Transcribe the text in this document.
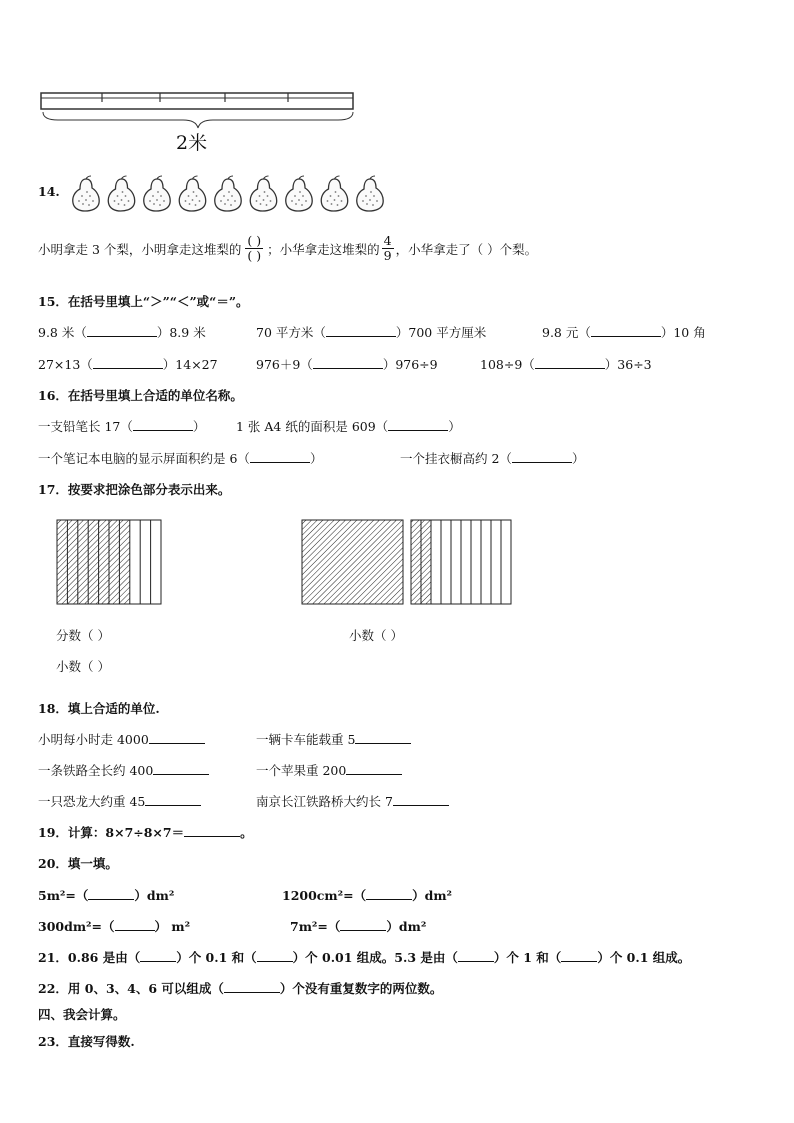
2米
14.
小明拿走 3 个梨，小明拿走这堆梨的 $\frac{( )}{( )}$ ；小华拿走这堆梨的 $\frac{4}{9}$ ，小华拿走了（ ）个梨。
15．在括号里填上“＞”“＜”或“＝”。
9.8 米（	）8.9 米	70 平方米（	）700 平方厘米	9.8 元（	）10 角
27×13（	）14×27	976＋9（	）976÷9	108÷9（	）36÷3
16．在括号里填上合适的单位名称。
一支铅笔长 17（	） 1 张 A4 纸的面积是 609（	）
一个笔记本电脑的显示屏面积约是 6（	）	一个挂衣橱高约 2（	）
17．按要求把涂色部分表示出来。
分数（ ）	小数（ ）
小数（ ）
18．填上合适的单位.
小明每小时走 4000	一辆卡车能载重 5
一条铁路全长约 400	一个苹果重 200
一只恐龙大约重 45	南京长江铁路桥大约长 7
19．计算：8×7÷8×7＝	。
20．填一填。
5m²=（	）dm²	1200cm²=（	）dm²
300dm²=（	） m²	7m²=（	）dm²
21．0.86 是由（	）个 0.1 和（	）个 0.01 组成。5.3 是由（	）个 1 和（	）个 0.1 组成。
22．用 0、3、4、6 可以组成（	）个没有重复数字的两位数。
四、我会计算。
23．直接写得数.
